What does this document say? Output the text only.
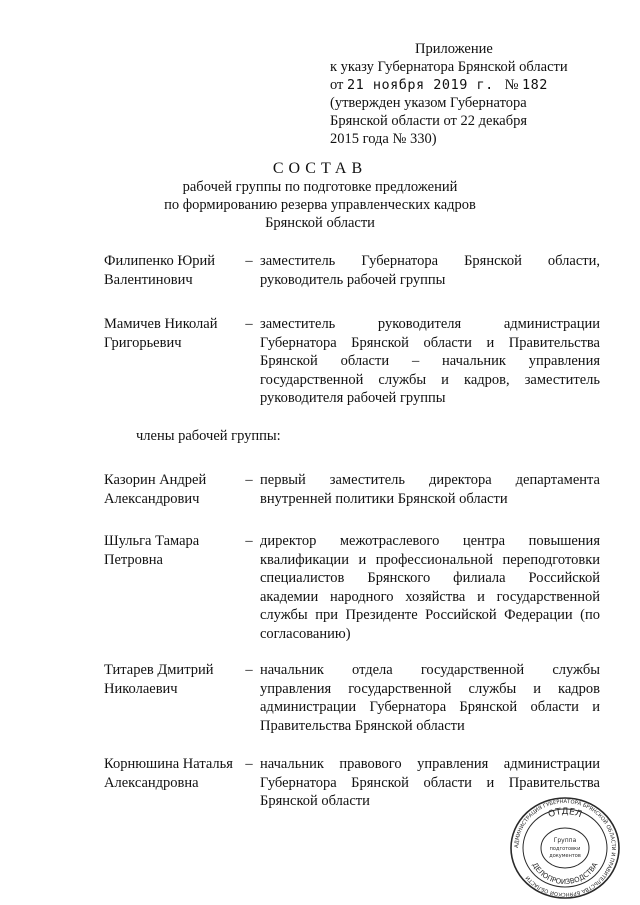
Приложение
к указу Губернатора Брянской области
от 21 ноября 2019 г. № 182
(утвержден указом Губернатора
Брянской области от 22 декабря
2015 года № 330)
СОСТАВ
рабочей группы по подготовке предложений
по формированию резерва управленческих кадров
Брянской области
Филипенко Юрий
Валентинович
– заместитель Губернатора Брянской области, руководитель рабочей группы
Мамичев Николай
Григорьевич
– заместитель руководителя администрации Губернатора Брянской области и Правительства Брянской области – начальник управления государственной службы и кадров, заместитель руководителя рабочей группы
члены рабочей группы:
Казорин Андрей
Александрович
– первый заместитель директора департамента внутренней политики Брянской области
Шульга Тамара
Петровна
– директор межотраслевого центра повышения квалификации и профессиональной переподготовки специалистов Брянского филиала Российской академии народного хозяйства и государственной службы при Президенте Российской Федерации (по согласованию)
Титарев Дмитрий
Николаевич
– начальник отдела государственной службы управления государственной службы и кадров администрации Губернатора Брянской области и Правительства Брянской области
Корнюшина Наталья
Александровна
– начальник правового управления администрации Губернатора Брянской области и Правительства Брянской области
АДМИНИСТРАЦИЯ ГУБЕРНАТОРА БРЯНСКОЙ ОБЛАСТИ И ПРАВИТЕЛЬСТВА БРЯНСКОЙ ОБЛАСТИ
ОТДЕЛ
ДЕЛОПРОИЗВОДСТВА
Группа
подготовки
документов
